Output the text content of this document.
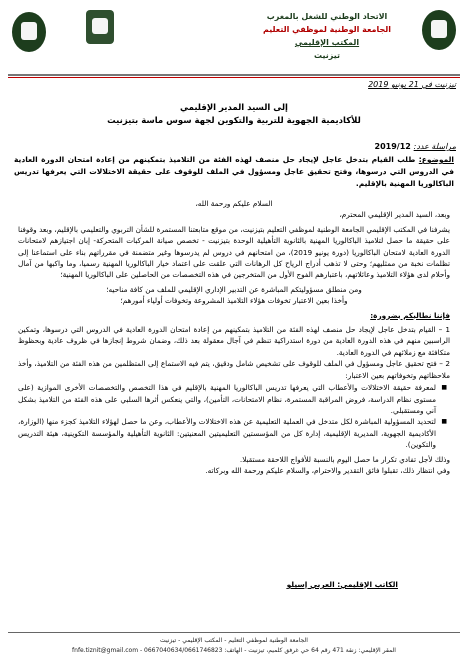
الاتحاد الوطني للشغل بالمغرب
الجامعة الوطنية لموظفي التعليم
المكتب الإقليمي
تيزنيت
تيزنيت في 21 يونيو 2019
إلى السيد المدير الإقليمي
للأكاديمية الجهوية للتربية والتكوين لجهة سوس ماسة بتيزنيت
مراسلة عدد: 2019/12
الموضوع: طلب القيام بتدخل عاجل لإيجاد حل منصف لهذه الفئة من التلاميذ بتمكينهم من إعادة امتحان الدورة العادية في الدروس التي درسوها، وفتح تحقيق عاجل ومسؤول في الملف للوقوف على حقيقة الاختلالات التي يعرفها تدريس الباكالوريا المهنية بالإقليم.

السلام عليكم ورحمة الله،

وبعد، السيد المدير الإقليمي المحترم،

يشرفنا في المكتب الإقليمي الجامعة الوطنية لموظفي التعليم بتيزنيت، من موقع متابعتنا المستمرة للشأن التربوي والتعليمي بالإقليم، وبعد وقوفنا على حقيقة ما حصل لتلاميذ الباكالوريا المهنية بالثانوية التأهيلية الوحدة بتيزنيت - تخصص صيانة المركبات المتحركة- إبان اجتيازهم لامتحانات الدورة العادية لامتحان الباكالوريا (دورة يونيو 2019)، من امتحانهم في دروس لم يدرسوها وغير متضمنة في مقرراتهم بناء على استماعنا إلى تظلمات نخبة من ممثليهم؛ وحتى لا تذهب أدراج الرياح كل الرهانات التي علقت على اعتماد خيار الباكالوريا المهنية رسميا، وما واكبها من آمال وأحلام لدى هؤلاء التلاميذ وعائلاتهم، باعتبارهم الفوج الأول من المتخرجين في هذه التخصصات من الحاصلين على الباكالوريا المهنية؛

ومن منطلق مسؤوليتكم المباشرة عن التدبير الإداري الإقليمي للملف من كافة مناحيه؛

وأخذا بعين الاعتبار تخوفات هؤلاء التلاميذ المشروعة وتخوفات أولياء أمورهم؛

فإننا نطالبكم بضرورة:

1 – القيام بتدخل عاجل لإيجاد حل منصف لهذه الفئة من التلاميذ بتمكينهم من إعادة امتحان الدورة العادية في الدروس التي درسوها، وتمكين الراسبين منهم في هذه الدورة العادية من دورة استدراكية تنظم في آجال معقولة بعد ذلك، وضمان شروط إنجازها في ظروف عادية وبحظوظ متكافئة مع زملائهم في الدورة العادية.

2 – فتح تحقيق عاجل ومسؤول في الملف للوقوف على تشخيص شامل ودقيق، يتم فيه الاستماع إلى المتظلمين من هذه الفئة من التلاميذ، وأخذ ملاحظاتهم وتخوفاتهم بعين الاعتبار:

■ لمعرفة حقيقة الاختلالات والأعطاب التي يعرفها تدريس الباكالوريا المهنية بالإقليم في هذا التخصص والتخصصات الأخرى الموازية (على مستوى نظام الدراسة، فروض المراقبة المستمرة، نظام الامتحانات، التأمين)، والتي ينعكس أثرها السلبي على هذه الفئة من التلاميذ بشكل آني ومستقبلي.
■ لتحديد المسؤولية المباشرة لكل متدخل في العملية التعليمية عن هذه الاختلالات والأعطاب، وعن ما حصل لهؤلاء التلاميذ كجزء منها (الوزارة، الأكاديمية الجهوية، المديرية الإقليمية، إدارة كل من المؤسستين التعليميتين المعنيتين: الثانوية التأهيلية والمؤسسة التكوينية، هيئة التدريس والتكوين).

وذلك لأجل تفادي تكرار ما حصل اليوم بالنسبة للأفواج اللاحقة مستقبلا.

وفي انتظار ذلك، تقبلوا فائق التقدير والاحترام، والسلام عليكم ورحمة الله وبركاته.

الكاتب الإقليمي: العربي إسيلو
الجامعة الوطنية لموظفي التعليم - المكتب الإقليمي - تيزنيت
المقر الإقليمي: زنقة 471 رقم 64 حي غرفق كلميم، تيزنيت - الهاتف: 0667040634/0661746823 - fnfe.tiznit@gmail.com
